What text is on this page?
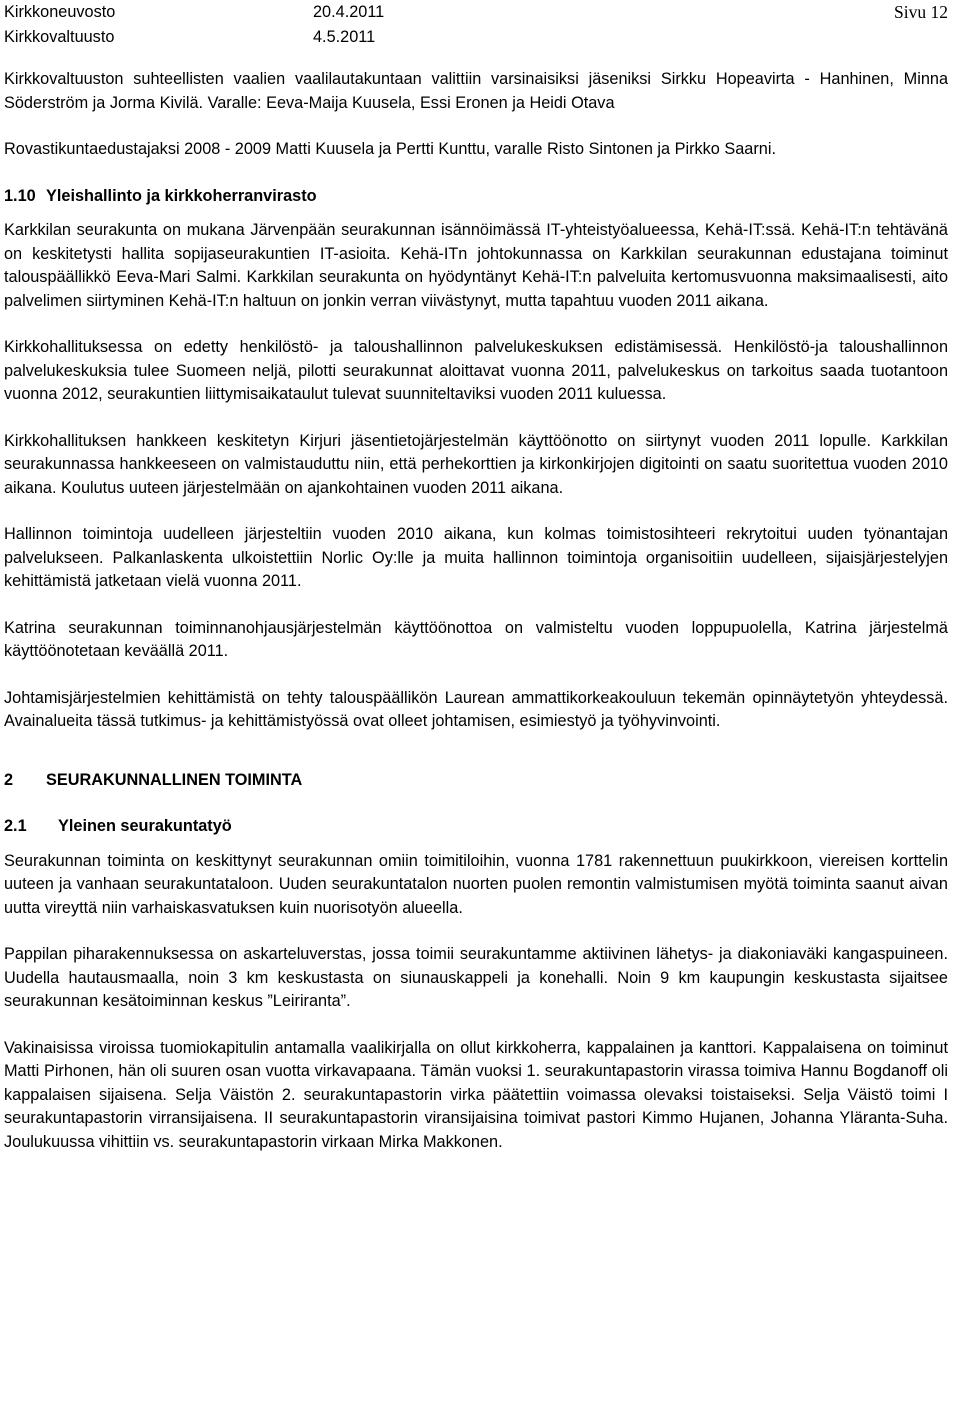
Kirkkoneuvosto	20.4.2011	Sivu 12
Kirkkovaltuusto	4.5.2011

Kirkkovaltuuston suhteellisten vaalien vaalilautakuntaan valittiin varsinaisiksi jäseniksi Sirkku Hopeavirta - Hanhinen, Minna Söderström ja Jorma Kivilä. Varalle: Eeva-Maija Kuusela, Essi Eronen ja Heidi Otava

Rovastikuntaedustajaksi 2008 - 2009 Matti Kuusela ja Pertti Kunttu, varalle Risto Sintonen ja Pirkko Saarni.

1.10 Yleishallinto ja kirkkoherranvirasto

Karkkilan seurakunta on mukana Järvenpään seurakunnan isännöimässä IT-yhteistyöalueessa, Kehä-IT:ssä. Kehä-IT:n tehtävänä on keskitetysti hallita sopijaseurakuntien IT-asioita. Kehä-ITn johtokunnassa on Karkkilan seurakunnan edustajana toiminut talouspäällikkö Eeva-Mari Salmi. Karkkilan seurakunta on hyödyntänyt Kehä-IT:n palveluita kertomusvuonna maksimaalisesti, aito palvelimen siirtyminen Kehä-IT:n haltuun on jonkin verran viivästynyt, mutta tapahtuu vuoden 2011 aikana.

Kirkkohallituksessa on edetty henkilöstö- ja taloushallinnon palvelukeskuksen edistämisessä. Henkilöstö-ja taloushallinnon palvelukeskuksia tulee Suomeen neljä, pilotti seurakunnat aloittavat vuonna 2011, palvelukeskus on tarkoitus saada tuotantoon vuonna 2012, seurakuntien liittymisaikataulut tulevat suunniteltaviksi vuoden 2011 kuluessa.

Kirkkohallituksen hankkeen keskitetyn Kirjuri jäsentietojärjestelmän käyttöönotto on siirtynyt vuoden 2011 lopulle. Karkkilan seurakunnassa hankkeeseen on valmistauduttu niin, että perhekorttien ja kirkonkirjojen digitointi on saatu suoritettua vuoden 2010 aikana. Koulutus uuteen järjestelmään on ajankohtainen vuoden 2011 aikana.

Hallinnon toimintoja uudelleen järjesteltiin vuoden 2010 aikana, kun kolmas toimistosihteeri rekrytoitui uuden työnantajan palvelukseen. Palkanlaskenta ulkoistettiin Norlic Oy:lle ja muita hallinnon toimintoja organisoitiin uudelleen, sijaisjärjestelyjen kehittämistä jatketaan vielä vuonna 2011.

Katrina seurakunnan toiminnanohjausjärjestelmän käyttöönottoa on valmisteltu vuoden loppupuolella, Katrina järjestelmä käyttöönotetaan keväällä 2011.

Johtamisjärjestelmien kehittämistä on tehty talouspäällikön Laurean ammattikorkeakouluun tekemän opinnäytetyön yhteydessä. Avainalueita tässä tutkimus- ja kehittämistyössä ovat olleet johtamisen, esimiestyö ja työhyvinvointi.

2 SEURAKUNNALLINEN TOIMINTA

2.1 Yleinen seurakuntatyö

Seurakunnan toiminta on keskittynyt seurakunnan omiin toimitiloihin, vuonna 1781 rakennettuun puukirkkoon, viereisen korttelin uuteen ja vanhaan seurakuntataloon. Uuden seurakuntatalon nuorten puolen remontin valmistumisen myötä toiminta saanut aivan uutta vireyttä niin varhaiskasvatuksen kuin nuorisotyön alueella.

Pappilan piharakennuksessa on askarteluverstas, jossa toimii seurakuntamme aktiivinen lähetys- ja diakoniaväki kangaspuineen. Uudella hautausmaalla, noin 3 km keskustasta on siunauskappeli ja konehalli. Noin 9 km kaupungin keskustasta sijaitsee seurakunnan kesätoiminnan keskus ”Leiriranta”.

Vakinaisissa viroissa tuomiokapitulin antamalla vaalikirjalla on ollut kirkkoherra, kappalainen ja kanttori. Kappalaisena on toiminut Matti Pirhonen, hän oli suuren osan vuotta virkavapaana. Tämän vuoksi 1. seurakuntapastorin virassa toimiva Hannu Bogdanoff oli kappalaisen sijaisena. Selja Väistön 2. seurakuntapastorin virka päätettiin voimassa olevaksi toistaiseksi. Selja Väistö toimi I seurakuntapastorin virransijaisena. II seurakuntapastorin viransijaisina toimivat pastori Kimmo Hujanen, Johanna Yläranta-Suha. Joulukuussa vihittiin vs. seurakuntapastorin virkaan Mirka Makkonen.
